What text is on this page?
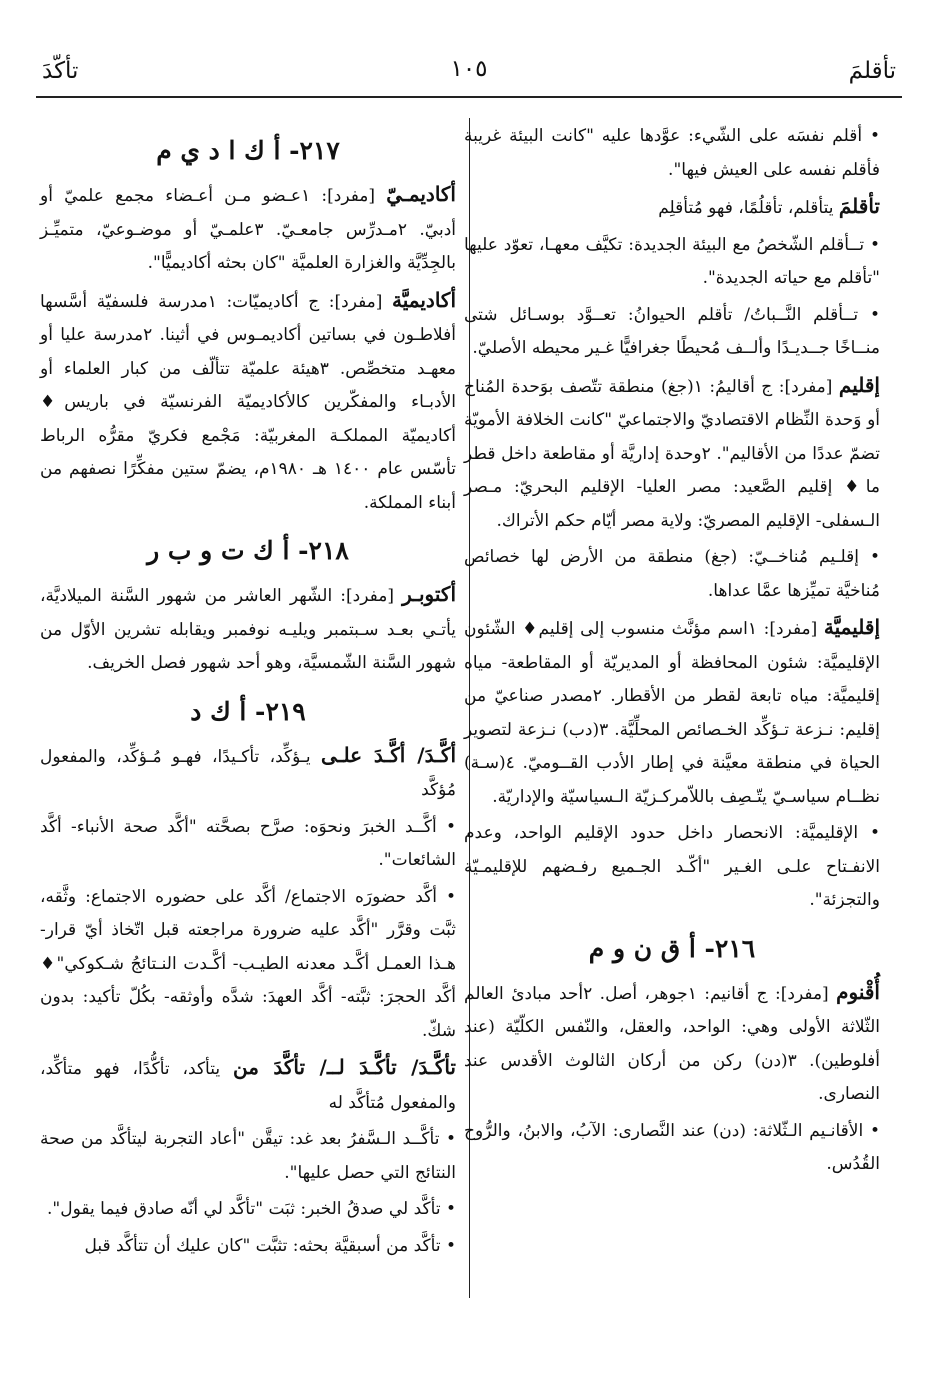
تأقلمَ
١٠٥
تأكّدَ

• أقلم نفسَه على الشّيء: عوَّدها عليه "كانت البيئة غريبة فأقلم نفسه على العيش فيها".

تأقلمَ يتأقلم، تأقلُمًا، فهو مُتأقلِم

• تــأقلم الشّخصُ مع البيئة الجديدة: تكيَّف معهـا، تعوّد عليها "تأقلم مع حياته الجديدة".

• تــأقلم النَّــباتُ/ تأقلم الحيوانُ: تعــوَّد بوسـائل شتى منــاخًا جــديـدًا وألــف مُحيطًا جغرافيًّا غـير محيطه الأصليّ.

إقليم [مفرد]: ج أقاليمُ: ١(جغ) منطقة تتّصف بوَحدة المُناخ أو وَحدة النِّظام الاقتصاديّ والاجتماعيّ "كانت الخلافة الأمويّة تضمّ عددًا من الأقاليم". ٢وحدة إداريَّة أو مقاطعة داخل قطر ما♦ إقليم الصَّعيد: مصر العليا- الإقليم البحريّ: مـصر الـسفلى- الإقليم المصريّ: ولاية مصر أيّام حكم الأتراك.

• إقلـيم مُناخــيّ: (جغ) منطقة من الأرض لها خصائص مُناخيَّة تميِّزها عمَّا عداها.

إقليميَّة [مفرد]: ١اسم مؤنَّث منسوب إلى إقليم♦ الشّئون الإقليميَّة: شئون المحافظة أو المديريّة أو المقاطعة- مياه إقليميَّة: مياه تابعة لقطر من الأقطار. ٢مصدر صناعيّ من إقليم: نـزعة تـؤكِّد الخـصائص المحلِّيَّة. ٣(دب) نـزعة لتصوير الحياة في منطقة معيَّنة في إطار الأدب القــوميّ. ٤(سـة) نظــام سياسـيّ يتّـصِف باللاّمركـزيّة الـسياسيّة والإداريّة.

• الإقليميَّة: الانحصار داخل حدود الإقليم الواحد، وعدم الانفـتاح علـى الغـير "أكّـد الجـميع رفـضهم للإقليمـيّة والتجزئة".

٢١٦- أ ق ن و م

أُقْنوم [مفرد]: ج أقانيم: ١جوهر، أصل. ٢أحد مبادئ العالم الثّلاثة الأولى وهي: الواحد، والعقل، والنّفس الكلّيّة (عند أفلوطين). ٣(دن) ركن من أركان الثالوث الأقدس عند النصارى.

• الأقانـيم الـثّلاثة: (دن) عند النَّصارى: الآبُ، والابنُ، والرُّوح القُدُس.

٢١٧- أ ك ا د ي م

أكاديمـيّ [مفرد]: ١عـضو مـن أعـضاء مجمع علميّ أو أدبيّ. ٢مـدرِّس جامعـيّ. ٣علمـيّ أو موضـوعيّ، متميِّـز بالجِدِّيَّة والغزارة العلميَّة "كان بحثه أكاديميًّا".

أكاديميَّة [مفرد]: ج أكاديميّات: ١مدرسة فلسفيّة أسَّسها أفلاطـون في بساتين أكاديمـوس في أثينا. ٢مدرسة عليا أو معهـد متخصِّص. ٣هيئة علميّة تتألّف من كبار العلماء أو الأدبـاء والمفكّرين كالأكاديميّة الفرنسيّة في باريس♦ أكاديميّة المملكـة المغربيّة: مَجْمع فكريّ مقرُّه الرباط تأسّس عام ١٤٠٠ هـ ١٩٨٠م، يضمّ ستين مفكِّرًا نصفهم من أبناء المملكة.

٢١٨- أ ك ت و ب ر

أكتوبـر [مفرد]: الشّهر العاشر من شهور السَّنة الميلاديَّة، يأتـي بعـد سـبتمبر ويليـه نوفمبر ويقابله تشرين الأوّل من شهور السَّنة الشّمسيَّة، وهو أحد شهور فصل الخريف.

٢١٩- أ ك د

أكَّـدَ/ أكَّـدَ علـى يـؤكِّد، تأكـيدًا، فهـو مُـؤكِّد، والمفعول مُؤكَّد

• أكَّــد الخبرَ ونحوَه: صرَّح بصحَّته "أكَّد صحة الأنباء- أكَّد الشائعات".

• أكَّد حضورَه الاجتماع/ أكَّد على حضوره الاجتماع: وثَّقه، ثبَّت وقرَّر "أكَّد عليه ضرورة مراجعته قبل اتّخاذ أيّ قرار- هـذا العمـل أكَّـد معدنه الطيـب- أكَّـدت النـتائجُ شـكوكي"♦ أكَّد الحجرَ: ثبَّته- أكَّد العهدَ: شدَّه وأوثقه- بكُلّ تأكيد: بدون شكّ.

تأكَّـدَ/ تأكَّـدَ لــ/ تأكَّدَ من يتأكد، تأكُّدًا، فهو متأكِّد، والمفعول مُتأكَّد له

• تأكَّــد الـسَّفرُ بعد غد: تيقَّن "أعاد التجربة ليتأكَّد من صحة النتائج التي حصل عليها".

• تأكَّد لي صدقُ الخبر: ثبَت "تأكَّد لي أنّه صادق فيما يقول".

• تأكَّد من أسبقيَّة بحثه: تثبَّت "كان عليك أن تتأكَّد قبل
